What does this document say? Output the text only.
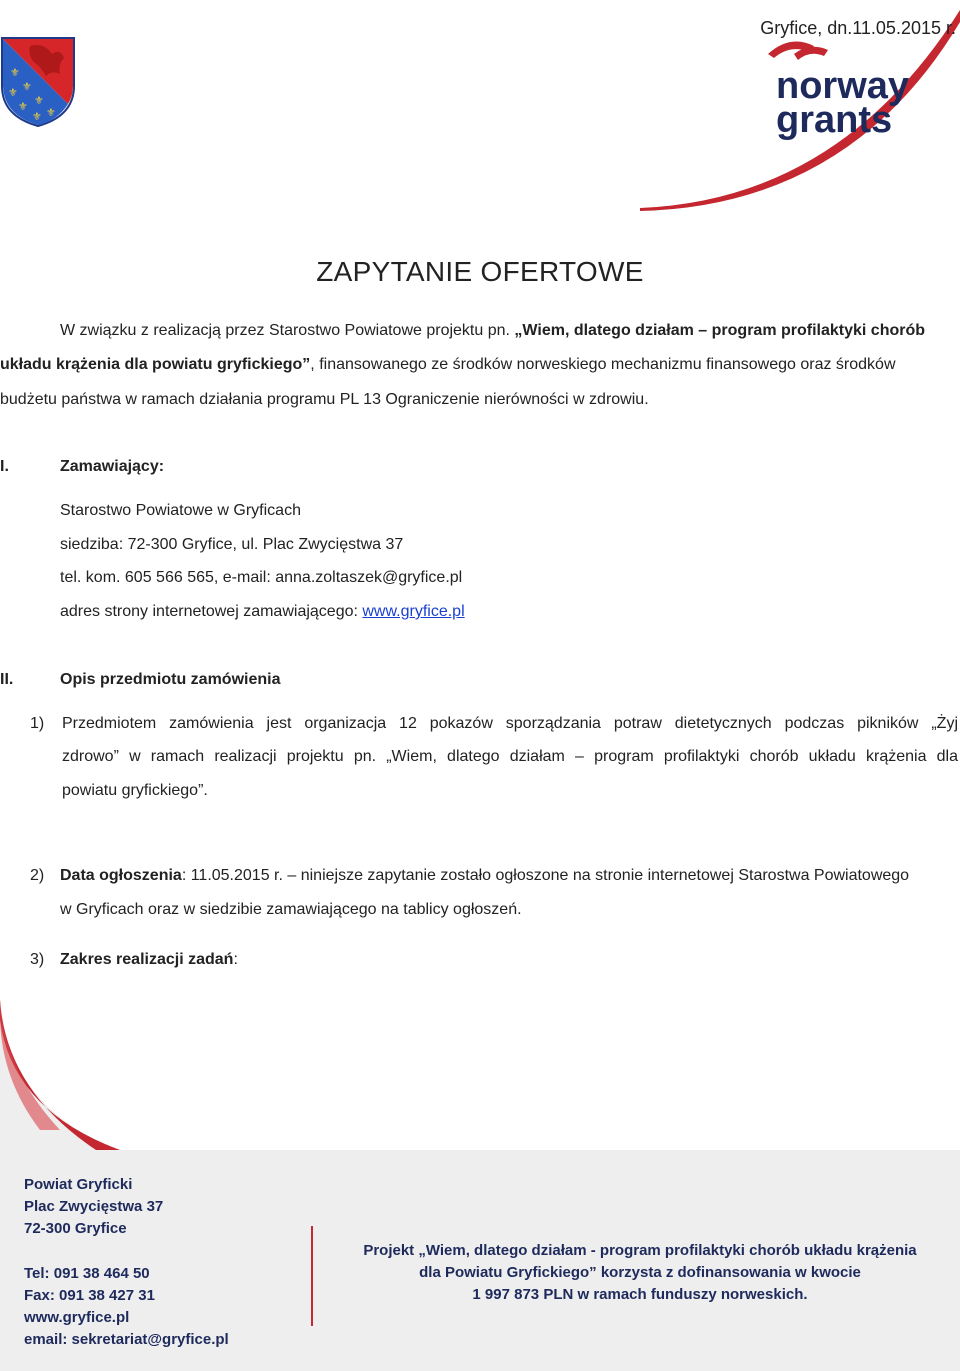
⚜
⚜ ⚜
⚜ ⚜
⚜ ⚜
norway
grants
Gryfice, dn.11.05.2015 r.
ZAPYTANIE OFERTOWE
W związku z realizacją przez Starostwo Powiatowe projektu pn. „Wiem, dlatego działam – program profilaktyki chorób
układu krążenia dla powiatu gryfickiego”, finansowanego ze środków norweskiego mechanizmu finansowego oraz środków
budżetu państwa w ramach działania programu PL 13 Ograniczenie nierówności w zdrowiu.
I.	Zamawiający:
Starostwo Powiatowe w Gryficach
siedziba: 72-300 Gryfice, ul. Plac Zwycięstwa 37
tel. kom. 605 566 565, e-mail: anna.zoltaszek@gryfice.pl
adres strony internetowej zamawiającego: www.gryfice.pl
II.	Opis przedmiotu zamówienia
1) Przedmiotem zamówienia jest organizacja 12 pokazów sporządzania potraw dietetycznych podczas pikników „Żyj
zdrowo” w ramach realizacji projektu pn. „Wiem, dlatego działam – program profilaktyki chorób układu krążenia dla
powiatu gryfickiego”.
2) Data ogłoszenia: 11.05.2015 r. – niniejsze zapytanie zostało ogłoszone na stronie internetowej Starostwa Powiatowego
w Gryficach oraz w siedzibie zamawiającego na tablicy ogłoszeń.
3) Zakres realizacji zadań:
Powiat Gryficki
Plac Zwycięstwa 37
72-300 Gryfice
Tel: 091 38 464 50
Fax: 091 38 427 31
www.gryfice.pl
email: sekretariat@gryfice.pl
Projekt „Wiem, dlatego działam - program profilaktyki chorób układu krążenia
dla Powiatu Gryfickiego” korzysta z dofinansowania w kwocie
1 997 873 PLN w ramach funduszy norweskich.
